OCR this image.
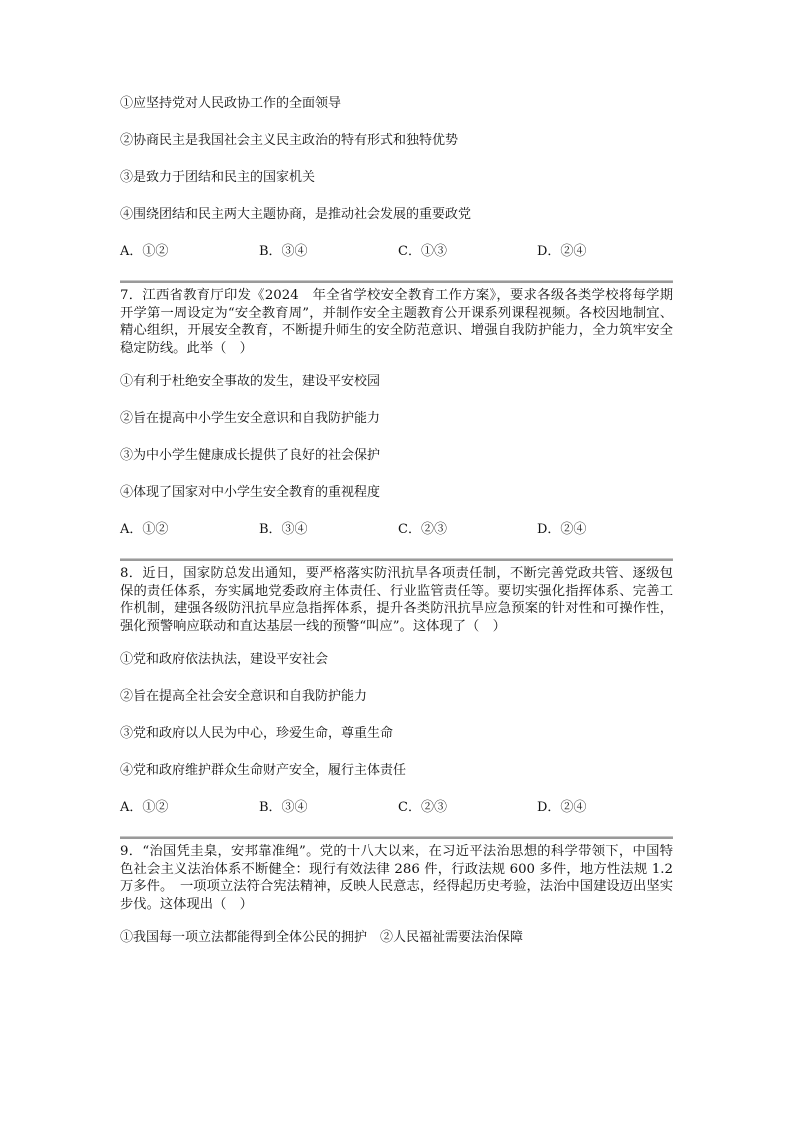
①应坚持党对人民政协工作的全面领导

②协商民主是我国社会主义民主政治的特有形式和独特优势

③是致力于团结和民主的国家机关

④围绕团结和民主两大主题协商，是推动社会发展的重要政党

A．①②	B．③④	C．①③	D．②④

7．江西省教育厅印发《2024　年全省学校安全教育工作方案》，要求各级各类学校将每学期开学第一周设定为“安全教育周”，并制作安全主题教育公开课系列课程视频。各校因地制宜、精心组织，开展安全教育，不断提升师生的安全防范意识、增强自我防护能力，全力筑牢安全稳定防线。此举（　）

①有利于杜绝安全事故的发生，建设平安校园

②旨在提高中小学生安全意识和自我防护能力

③为中小学生健康成长提供了良好的社会保护

④体现了国家对中小学生安全教育的重视程度

A．①②	B．③④	C．②③	D．②④

8．近日，国家防总发出通知，要严格落实防汛抗旱各项责任制，不断完善党政共管、逐级包保的责任体系，夯实属地党委政府主体责任、行业监管责任等。要切实强化指挥体系、完善工作机制，建强各级防汛抗旱应急指挥体系，提升各类防汛抗旱应急预案的针对性和可操作性，强化预警响应联动和直达基层一线的预警“叫应”。这体现了（　）

①党和政府依法执法，建设平安社会

②旨在提高全社会安全意识和自我防护能力

③党和政府以人民为中心，珍爱生命，尊重生命

④党和政府维护群众生命财产安全，履行主体责任

A．①②	B．③④	C．②③	D．②④

9．“治国凭圭臬，安邦靠准绳”。党的十八大以来，在习近平法治思想的科学带领下，中国特色社会主义法治体系不断健全：现行有效法律 286 件，行政法规 600 多件，地方性法规 1.2 万多件。　一项项立法符合宪法精神，反映人民意志，经得起历史考验，法治中国建设迈出坚实步伐。这体现出（　）

①我国每一项立法都能得到全体公民的拥护　②人民福祉需要法治保障
